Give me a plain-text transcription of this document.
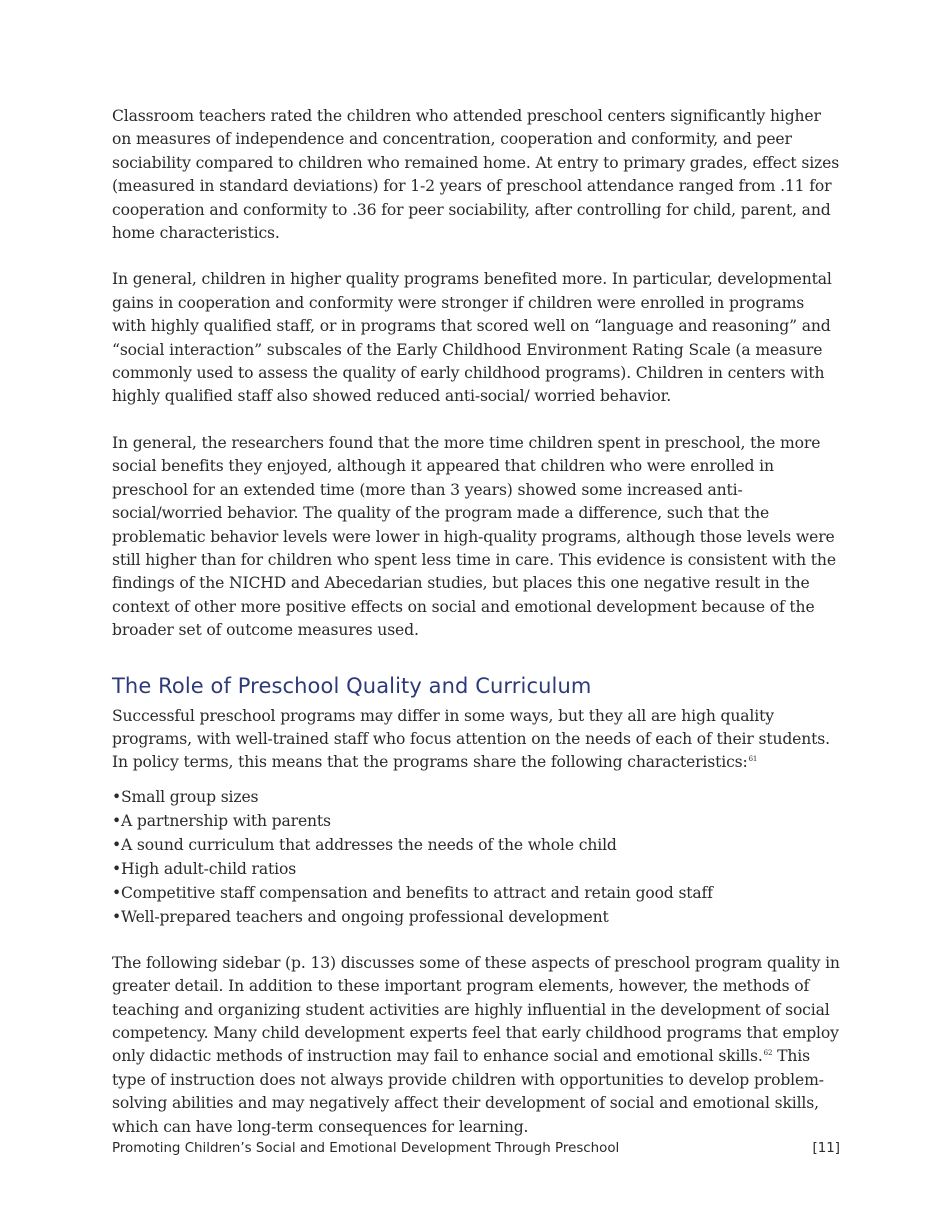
Classroom teachers rated the children who attended preschool centers significantly higher on measures of independence and concentration, cooperation and conformity, and peer sociability compared to children who remained home. At entry to primary grades, effect sizes (measured in standard deviations) for 1-2 years of preschool attendance ranged from .11 for cooperation and conformity to .36 for peer sociability, after controlling for child, parent, and home characteristics.

In general, children in higher quality programs benefited more. In particular, developmental gains in cooperation and conformity were stronger if children were enrolled in programs with highly qualified staff, or in programs that scored well on “language and reasoning” and “social interaction” subscales of the Early Childhood Environment Rating Scale (a measure commonly used to assess the quality of early childhood programs). Children in centers with highly qualified staff also showed reduced anti-social/ worried behavior.

In general, the researchers found that the more time children spent in preschool, the more social benefits they enjoyed, although it appeared that children who were enrolled in preschool for an extended time (more than 3 years) showed some increased anti-social/worried behavior. The quality of the program made a difference, such that the problematic behavior levels were lower in high-quality programs, although those levels were still higher than for children who spent less time in care. This evidence is consistent with the findings of the NICHD and Abecedarian studies, but places this one negative result in the context of other more positive effects on social and emotional development because of the broader set of outcome measures used.

The Role of Preschool Quality and Curriculum

Successful preschool programs may differ in some ways, but they all are high quality programs, with well-trained staff who focus attention on the needs of each of their students. In policy terms, this means that the programs share the following characteristics:$^{61}$

•Small group sizes
•A partnership with parents
•A sound curriculum that addresses the needs of the whole child
•High adult-child ratios
•Competitive staff compensation and benefits to attract and retain good staff
•Well-prepared teachers and ongoing professional development

The following sidebar (p. 13) discusses some of these aspects of preschool program quality in greater detail. In addition to these important program elements, however, the methods of teaching and organizing student activities are highly influential in the development of social competency. Many child development experts feel that early childhood programs that employ only didactic methods of instruction may fail to enhance social and emotional skills.$^{62}$ This type of instruction does not always provide children with opportunities to develop problem-solving abilities and may negatively affect their development of social and emotional skills, which can have long-term consequences for learning.

Promoting Children’s Social and Emotional Development Through Preschool	[11]
